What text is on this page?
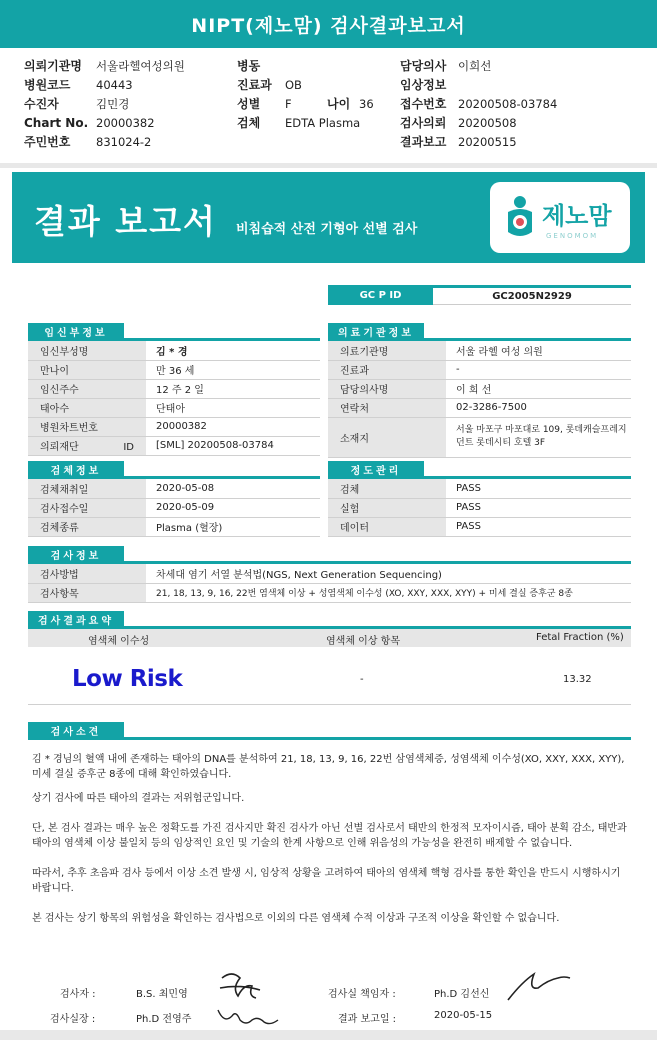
NIPT(제노맘) 검사결과보고서
의뢰기관명	서울라헬여성의원
병원코드	40443
수진자	김민경
Chart No. 20000382
주민번호	831024-2
병동
진료과	OB
성별	F	나이 36
검체	EDTA Plasma
담당의사	이희선
임상정보
접수번호	20200508-03784
검사의뢰	20200508
결과보고	20200515
결과 보고서 비침습적 산전 기형아 선별 검사	제노맘
GENOMOM
GC P ID	GC2005N2929
임신부정보
임신부성명	김 * 경
만나이	만 36 세
임신주수	12 주 2 일
태아수	단태아
병원차트번호	20000382
의뢰재단 ID	[SML] 20200508-03784
의료기관정보
의료기관명	서울 라헬 여성 의원
진료과	-
담당의사명	이 희 선
연락처	02-3286-7500
소재지	서울 마포구 마포대로 109, 롯데캐슬프레지던트 롯데시티 호텔 3F
검체정보
검체채취일	2020-05-08
검사접수일	2020-05-09
검체종류	Plasma (혈장)
정도관리
검체	PASS
실험	PASS
데이터	PASS
검사정보
검사방법	차세대 염기 서열 분석법(NGS, Next Generation Sequencing)
검사항목	21, 18, 13, 9, 16, 22번 염색체 이상 + 성염색체 이수성 (XO, XXY, XXX, XYY) + 미세 결실 증후군 8종
검사결과요약
염색체 이수성	염색체 이상 항목	Fetal Fraction (%)
Low Risk	-	13.32
검사소견
김 * 경님의 혈액 내에 존재하는 태아의 DNA를 분석하여 21, 18, 13, 9, 16, 22번 삼염색체증, 성염색체 이수성(XO, XXY, XXX, XYY), 미세 결실 증후군 8종에 대해 확인하였습니다.
상기 검사에 따른 태아의 결과는 저위험군입니다.
단, 본 검사 결과는 매우 높은 정확도를 가진 검사지만 확진 검사가 아닌 선별 검사로서 태반의 한정적 모자이시즘, 태아 분획 감소, 태반과 태아의 염색체 이상 불일치 등의 임상적인 요인 및 기술의 한계 사항으로 인해 위음성의 가능성을 완전히 배제할 수 없습니다.
따라서, 추후 초음파 검사 등에서 이상 소견 발생 시, 임상적 상황을 고려하여 태아의 염색체 핵형 검사를 통한 확인을 반드시 시행하시기 바랍니다.
본 검사는 상기 항목의 위험성을 확인하는 검사법으로 이외의 다른 염색체 수적 이상과 구조적 이상을 확인할 수 없습니다.
검사자 :	B.S. 최민영	검사실 책임자 :	Ph.D 김선신
검사실장 :	Ph.D 전영주	결과 보고일 :	2020-05-15
